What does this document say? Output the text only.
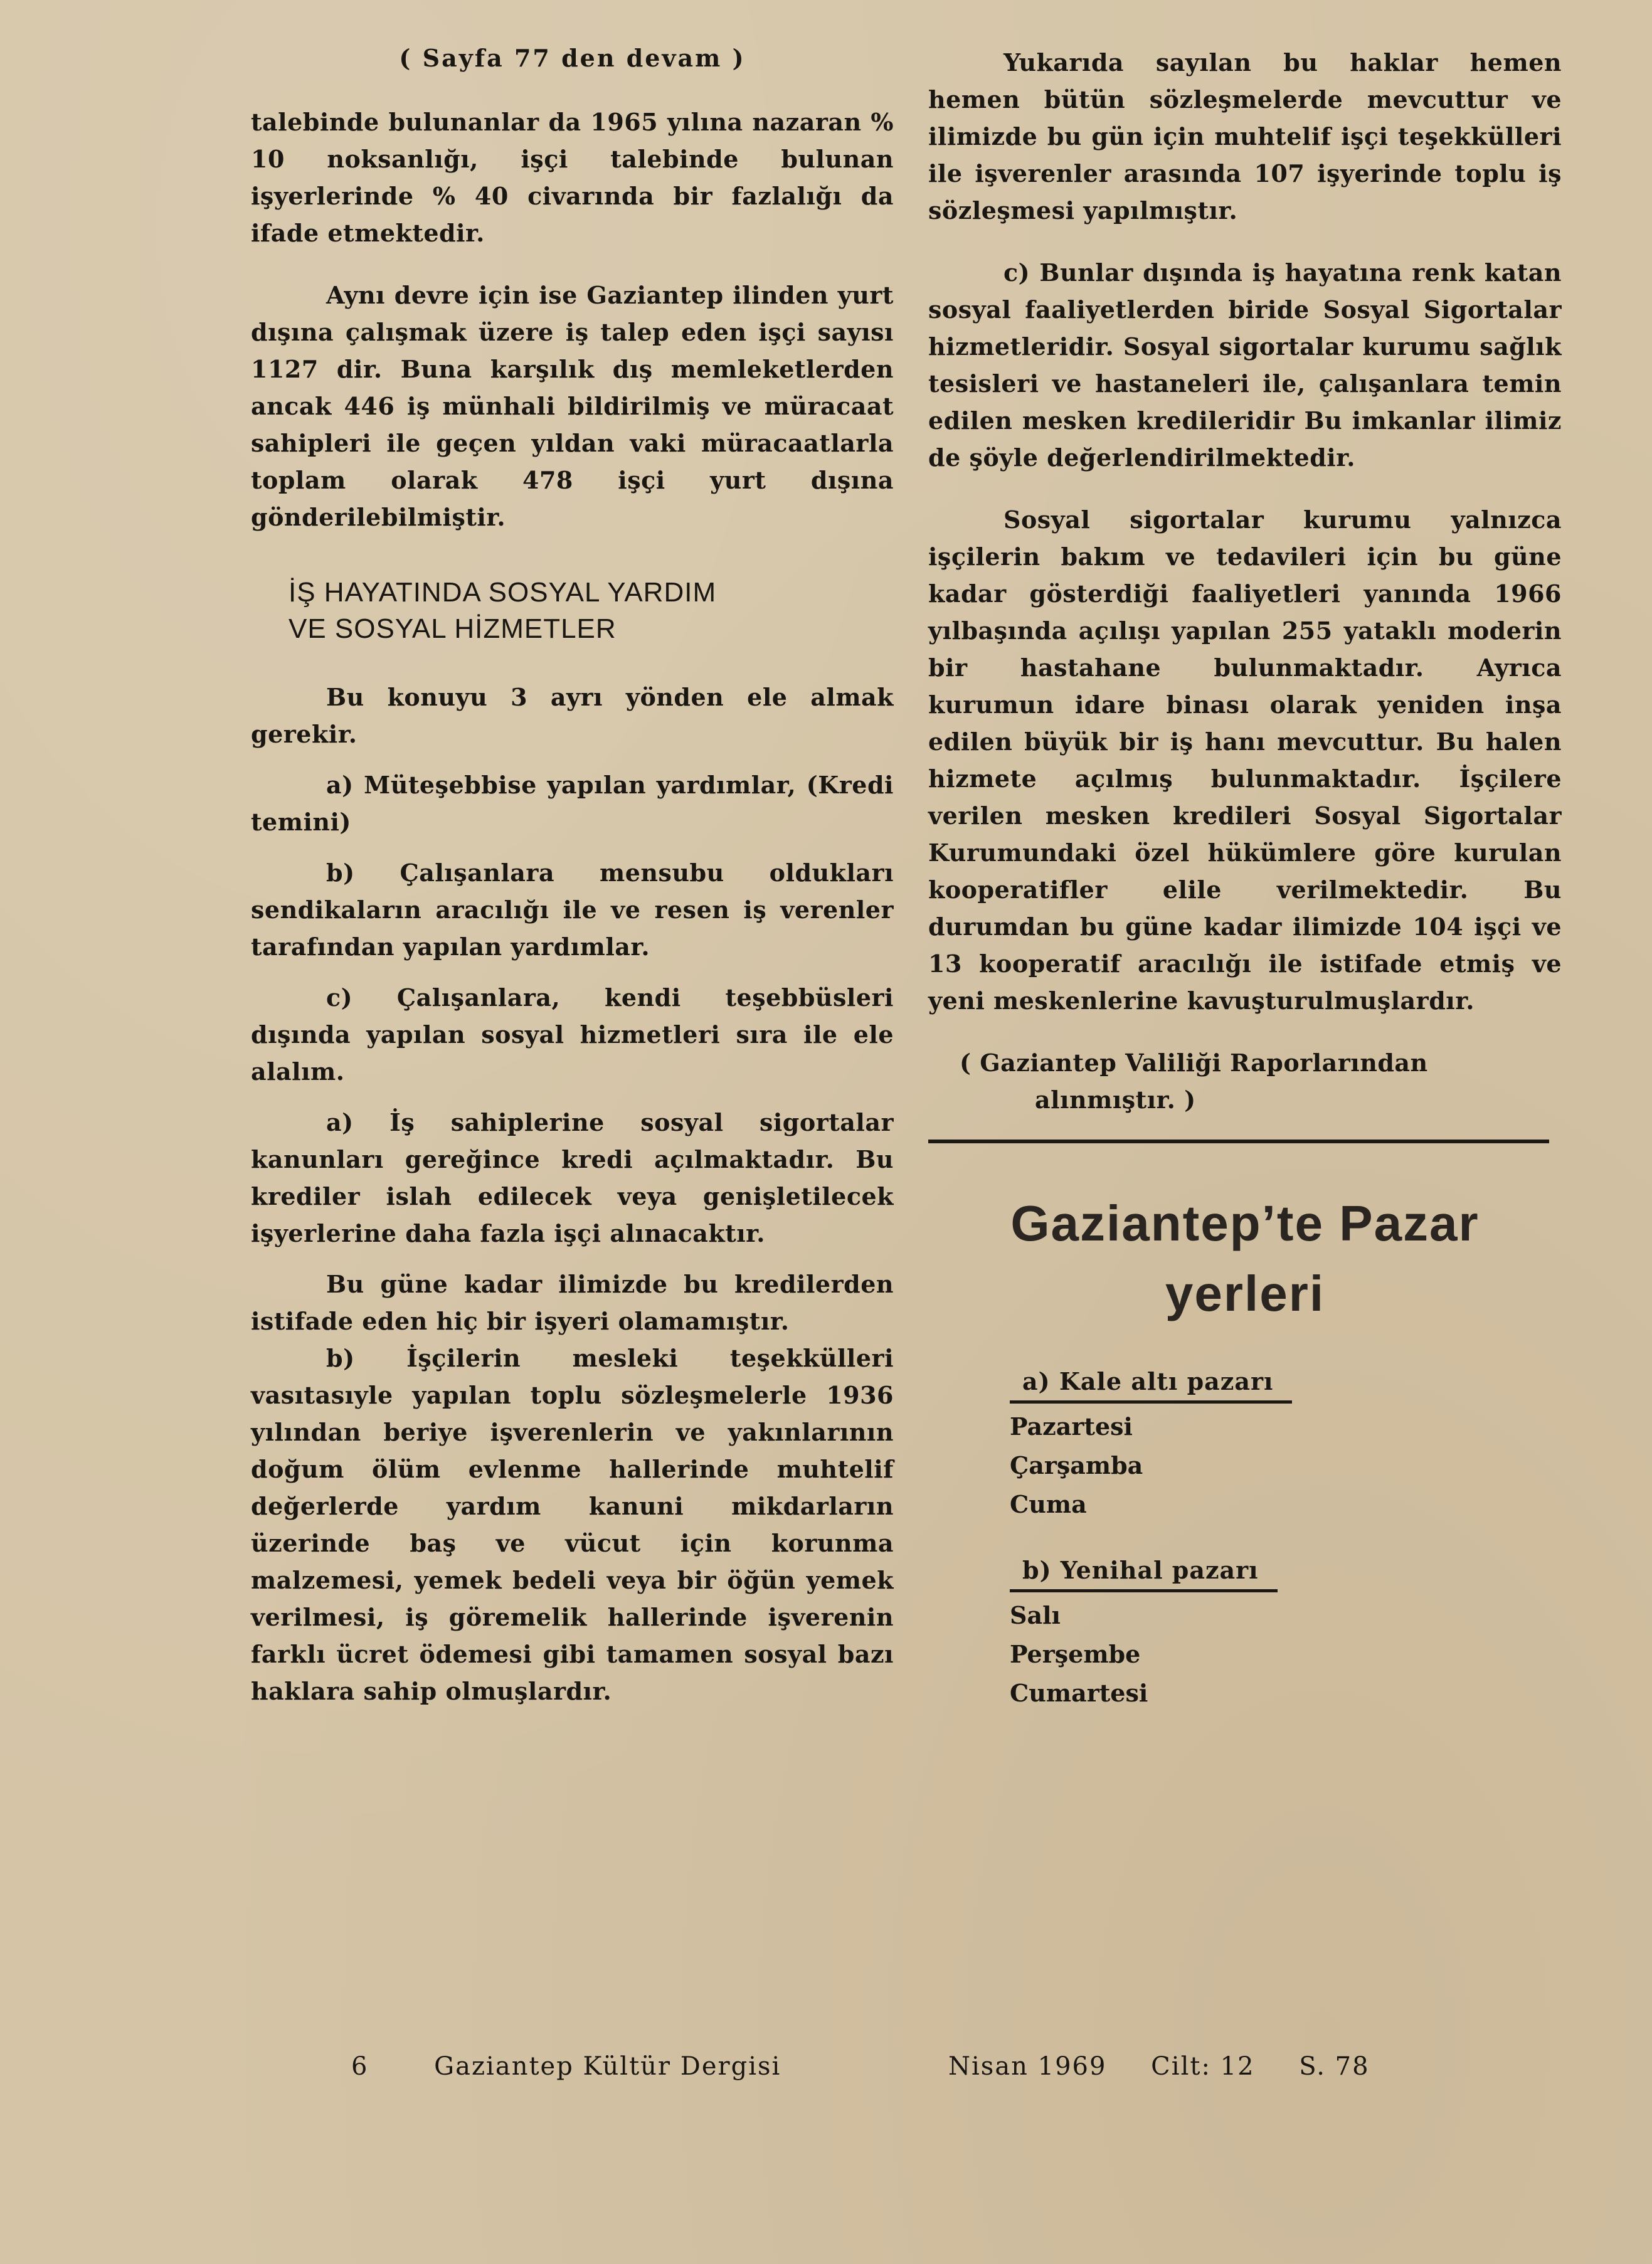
( Sayfa 77 den devam )

talebinde bulunanlar da 1965 yılına nazaran % 10 noksanlığı, işçi talebinde bulunan işyerlerinde % 40 civarında bir fazlalığı da ifade etmektedir.

Aynı devre için ise Gaziantep ilinden yurt dışına çalışmak üzere iş talep eden işçi sayısı 1127 dir. Buna karşılık dış memleketlerden ancak 446 iş münhali bildirilmiş ve müracaat sahipleri ile geçen yıldan vaki müracaatlarla toplam olarak 478 işçi yurt dışına gönderilebilmiştir.

İŞ HAYATINDA SOSYAL YARDIM
VE SOSYAL HİZMETLER

Bu konuyu 3 ayrı yönden ele almak gerekir.

a) Müteşebbise yapılan yardımlar, (Kredi temini)

b) Çalışanlara mensubu oldukları sendikaların aracılığı ile ve resen iş verenler tarafından yapılan yardımlar.

c) Çalışanlara, kendi teşebbüsleri dışında yapılan sosyal hizmetleri sıra ile ele alalım.

a) İş sahiplerine sosyal sigortalar kanunları gereğince kredi açılmaktadır. Bu krediler islah edilecek veya genişletilecek işyerlerine daha fazla işçi alınacaktır.

Bu güne kadar ilimizde bu kredilerden istifade eden hiç bir işyeri olamamıştır.

b) İşçilerin mesleki teşekkülleri vasıtasıyle yapılan toplu sözleşmelerle 1936 yılından beriye işverenlerin ve yakınlarının doğum ölüm evlenme hallerinde muhtelif değerlerde yardım kanuni mikdarların üzerinde baş ve vücut için korunma malzemesi, yemek bedeli veya bir öğün yemek verilmesi, iş göremelik hallerinde işverenin farklı ücret ödemesi gibi tamamen sosyal bazı haklara sahip olmuşlardır.

Yukarıda sayılan bu haklar hemen hemen bütün sözleşmelerde mevcuttur ve ilimizde bu gün için muhtelif işçi teşekkülleri ile işverenler arasında 107 işyerinde toplu iş sözleşmesi yapılmıştır.

c) Bunlar dışında iş hayatına renk katan sosyal faaliyetlerden biride Sosyal Sigortalar hizmetleridir. Sosyal sigortalar kurumu sağlık tesisleri ve hastaneleri ile, çalışanlara temin edilen mesken kredileridir Bu imkanlar ilimiz de şöyle değerlendirilmektedir.

Sosyal sigortalar kurumu yalnızca işçilerin bakım ve tedavileri için bu güne kadar gösterdiği faaliyetleri yanında 1966 yılbaşında açılışı yapılan 255 yataklı moderin bir hastahane bulunmaktadır. Ayrıca kurumun idare binası olarak yeniden inşa edilen büyük bir iş hanı mevcuttur. Bu halen hizmete açılmış bulunmaktadır. İşçilere verilen mesken kredileri Sosyal Sigortalar Kurumundaki özel hükümlere göre kurulan kooperatifler elile verilmektedir. Bu durumdan bu güne kadar ilimizde 104 işçi ve 13 kooperatif aracılığı ile istifade etmiş ve yeni meskenlerine kavuşturulmuşlardır.

( Gaziantep Valiliği Raporlarından
alınmıştır. )

Gaziantep’te Pazar
yerleri
a) Kale altı pazarı
Pazartesi
Çarşamba
Cuma
b) Yenihal pazarı
Salı
Perşembe
Cumartesi
6	Gaziantep Kültür Dergisi	Nisan 1969 Cilt: 12 S. 78
